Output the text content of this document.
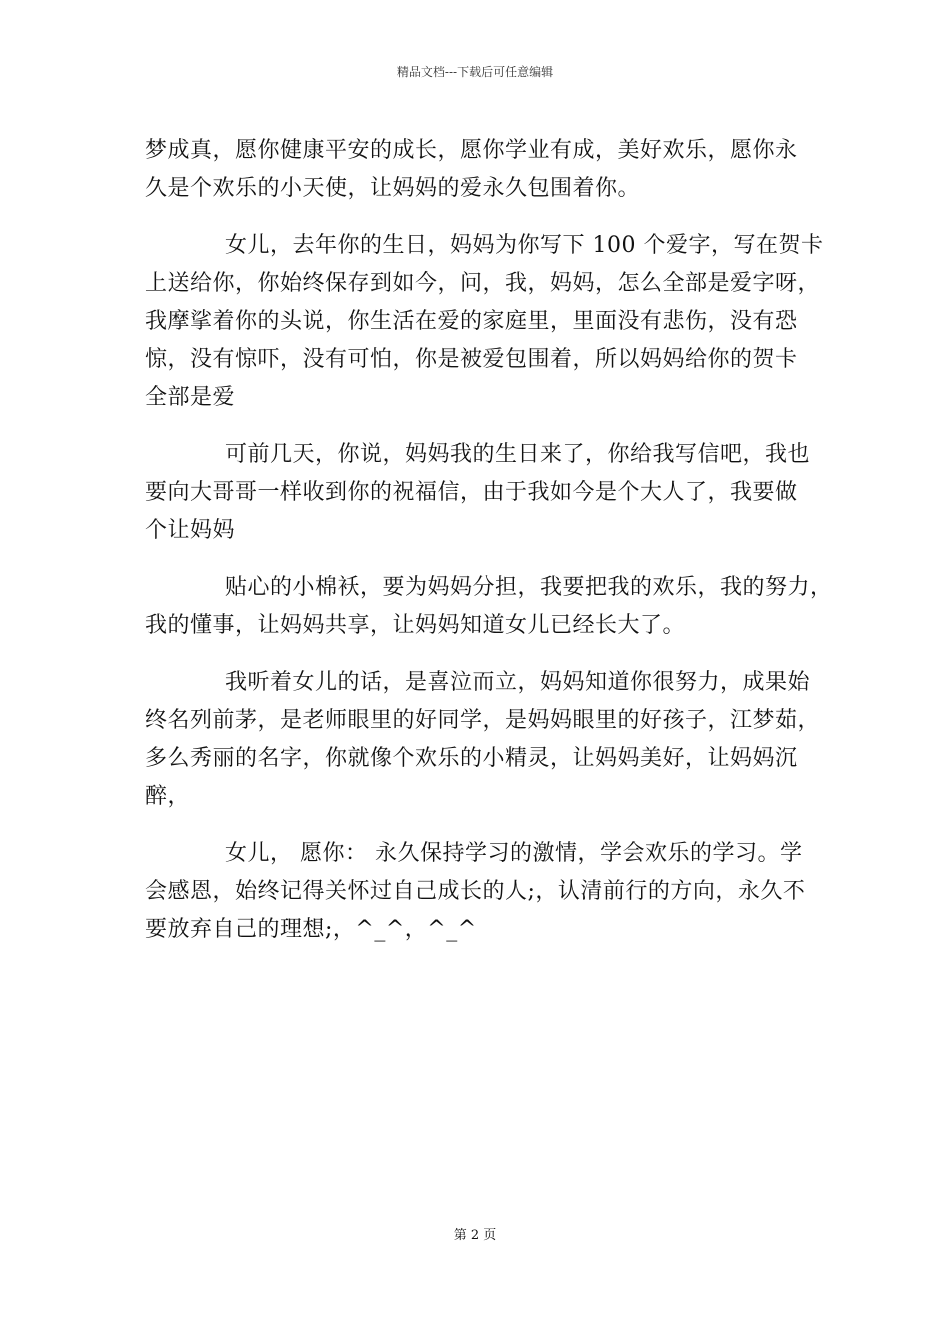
精品文档---下载后可任意编辑
梦成真，愿你健康平安的成长，愿你学业有成，美好欢乐，愿你永
久是个欢乐的小天使，让妈妈的爱永久包围着你。
女儿，去年你的生日，妈妈为你写下 100 个爱字，写在贺卡
上送给你，你始终保存到如今，问，我，妈妈，怎么全部是爱字呀，
我摩挲着你的头说，你生活在爱的家庭里，里面没有悲伤，没有恐
惊，没有惊吓，没有可怕，你是被爱包围着，所以妈妈给你的贺卡
全部是爱
可前几天，你说，妈妈我的生日来了，你给我写信吧，我也
要向大哥哥一样收到你的祝福信，由于我如今是个大人了，我要做
个让妈妈
贴心的小棉袄，要为妈妈分担，我要把我的欢乐，我的努力，
我的懂事，让妈妈共享，让妈妈知道女儿已经长大了。
我听着女儿的话，是喜泣而立，妈妈知道你很努力，成果始
终名列前茅，是老师眼里的好同学，是妈妈眼里的好孩子，江梦茹，
多么秀丽的名字，你就像个欢乐的小精灵，让妈妈美好，让妈妈沉
醉，
女儿， 愿你： 永久保持学习的激情，学会欢乐的学习。学
会感恩，始终记得关怀过自己成长的人;，认清前行的方向，永久不
要放弃自己的理想;，^_^，^_^
第 2 页
